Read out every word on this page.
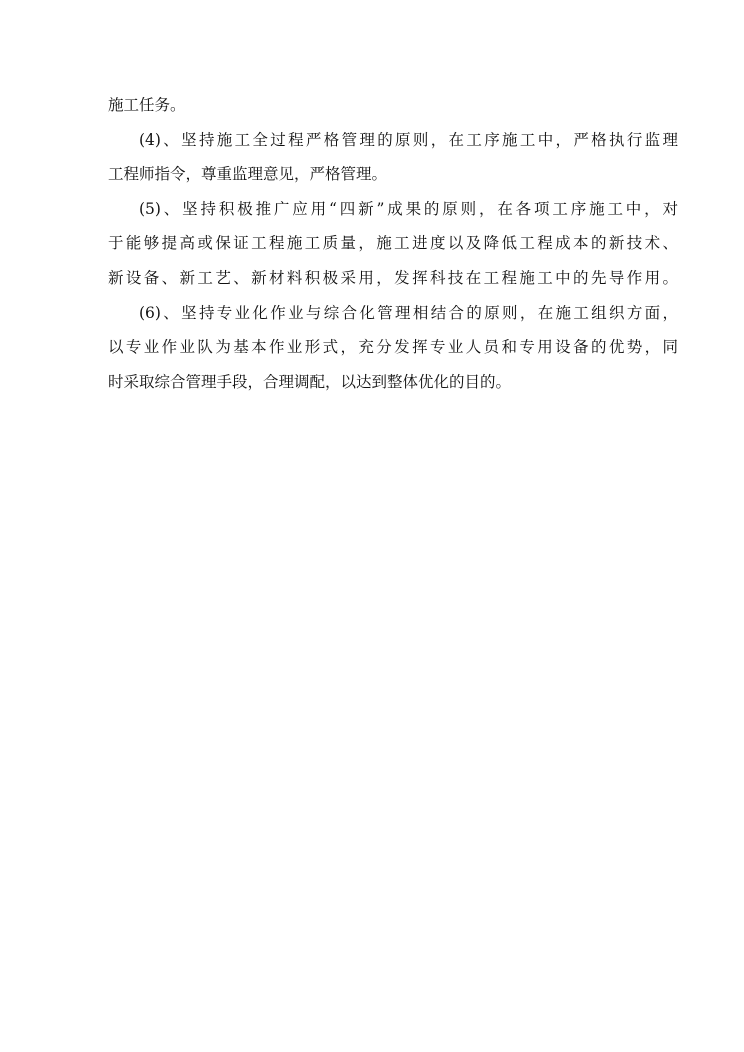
施工任务。
(4)、坚持施工全过程严格管理的原则，在工序施工中，严格执行监理
工程师指令，尊重监理意见，严格管理。
(5)、坚持积极推广应用“四新”成果的原则，在各项工序施工中，对
于能够提高或保证工程施工质量，施工进度以及降低工程成本的新技术、
新设备、新工艺、新材料积极采用，发挥科技在工程施工中的先导作用。
(6)、坚持专业化作业与综合化管理相结合的原则，在施工组织方面，
以专业作业队为基本作业形式，充分发挥专业人员和专用设备的优势，同
时采取综合管理手段，合理调配，以达到整体优化的目的。
